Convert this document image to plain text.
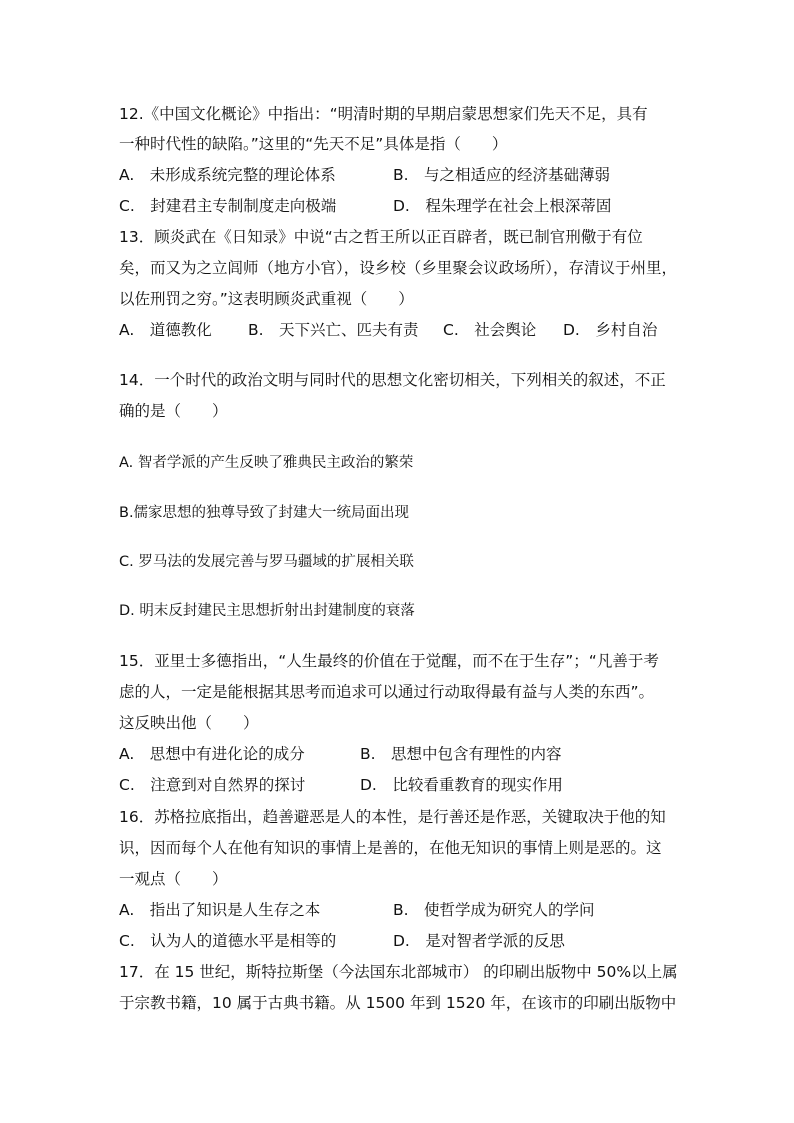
12.《中国文化概论》中指出：“明清时期的早期启蒙思想家们先天不足，具有
一种时代性的缺陷。”这里的“先天不足”具体是指（　　）
A.　未形成系统完整的理论体系	B.　与之相适应的经济基础薄弱
C.　封建君主专制制度走向极端	D.　程朱理学在社会上根深蒂固
13．顾炎武在《日知录》中说“古之哲王所以正百辟者，既已制官刑儆于有位
矣，而又为之立闾师（地方小官），设乡校（乡里聚会议政场所），存清议于州里，
以佐刑罚之穷。”这表明顾炎武重视（　　）
A.　道德教化 B.　天下兴亡、匹夫有责 C.　社会舆论 D.　乡村自治
14．一个时代的政治文明与同时代的思想文化密切相关，下列相关的叙述，不正
确的是（　　）
A. 智者学派的产生反映了雅典民主政治的繁荣
B.儒家思想的独尊导致了封建大一统局面出现
C. 罗马法的发展完善与罗马疆域的扩展相关联
D. 明末反封建民主思想折射出封建制度的衰落
15．亚里士多德指出，“人生最终的价值在于觉醒，而不在于生存”；“凡善于考
虑的人，一定是能根据其思考而追求可以通过行动取得最有益与人类的东西”。
这反映出他（　　）
A.　思想中有进化论的成分	B.　思想中包含有理性的内容
C.　注意到对自然界的探讨	D.　比较看重教育的现实作用
16．苏格拉底指出，趋善避恶是人的本性，是行善还是作恶，关键取决于他的知
识，因而每个人在他有知识的事情上是善的，在他无知识的事情上则是恶的。这
一观点（　　）
A.　指出了知识是人生存之本	B.　使哲学成为研究人的学问
C.　认为人的道德水平是相等的	D.　是对智者学派的反思
17．在 15 世纪，斯特拉斯堡（今法国东北部城市） 的印刷出版物中 50%以上属
于宗教书籍，10 属于古典书籍。从 1500 年到 1520 年，在该市的印刷出版物中
